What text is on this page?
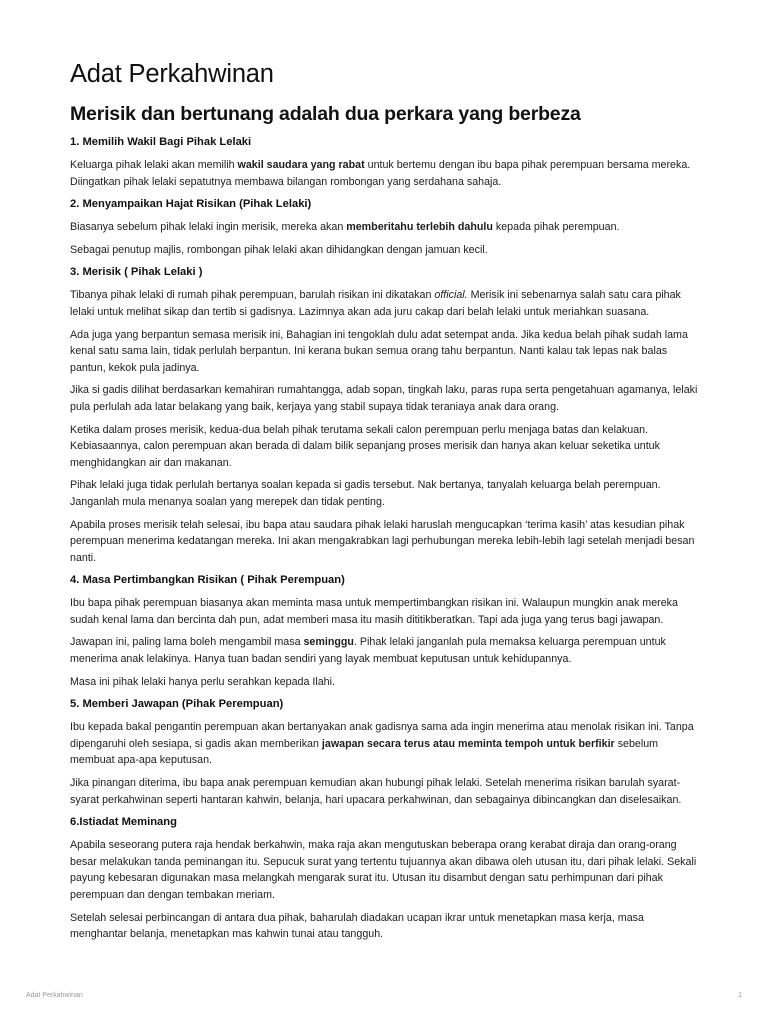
Adat Perkahwinan
Merisik dan bertunang adalah dua perkara yang berbeza
1. Memilih Wakil Bagi Pihak Lelaki

Keluarga pihak lelaki akan memilih wakil saudara yang rabat untuk bertemu dengan ibu bapa pihak perempuan bersama mereka. Diingatkan pihak lelaki sepatutnya membawa bilangan rombongan yang serdahana sahaja.

2. Menyampaikan Hajat Risikan (Pihak Lelaki)

Biasanya sebelum pihak lelaki ingin merisik, mereka akan memberitahu terlebih dahulu kepada pihak perempuan.

Sebagai penutup majlis, rombongan pihak lelaki akan dihidangkan dengan jamuan kecil.

3. Merisik ( Pihak Lelaki )

Tibanya pihak lelaki di rumah pihak perempuan, barulah risikan ini dikatakan official. Merisik ini sebenarnya salah satu cara pihak lelaki untuk melihat sikap dan tertib si gadisnya. Lazimnya akan ada juru cakap dari belah lelaki untuk meriahkan suasana.

Ada juga yang berpantun semasa merisik ini, Bahagian ini tengoklah dulu adat setempat anda. Jika kedua belah pihak sudah lama kenal satu sama lain, tidak perlulah berpantun. Ini kerana bukan semua orang tahu berpantun. Nanti kalau tak lepas nak balas pantun, kekok pula jadinya.

Jika si gadis dilihat berdasarkan kemahiran rumahtangga, adab sopan, tingkah laku, paras rupa serta pengetahuan agamanya, lelaki pula perlulah ada latar belakang yang baik, kerjaya yang stabil supaya tidak teraniaya anak dara orang.

Ketika dalam proses merisik, kedua-dua belah pihak terutama sekali calon perempuan perlu menjaga batas dan kelakuan. Kebiasaannya, calon perempuan akan berada di dalam bilik sepanjang proses merisik dan hanya akan keluar seketika untuk menghidangkan air dan makanan.

Pihak lelaki juga tidak perlulah bertanya soalan kepada si gadis tersebut. Nak bertanya, tanyalah keluarga belah perempuan. Janganlah mula menanya soalan yang merepek dan tidak penting.

Apabila proses merisik telah selesai, ibu bapa atau saudara pihak lelaki haruslah mengucapkan ‘terima kasih’ atas kesudian pihak perempuan menerima kedatangan mereka. Ini akan mengakrabkan lagi perhubungan mereka lebih-lebih lagi setelah menjadi besan nanti.

4. Masa Pertimbangkan Risikan ( Pihak Perempuan)

Ibu bapa pihak perempuan biasanya akan meminta masa untuk mempertimbangkan risikan ini. Walaupun mungkin anak mereka sudah kenal lama dan bercinta dah pun, adat memberi masa itu masih dititikberatkan. Tapi ada juga yang terus bagi jawapan.

Jawapan ini, paling lama boleh mengambil masa seminggu. Pihak lelaki janganlah pula memaksa keluarga perempuan untuk menerima anak lelakinya. Hanya tuan badan sendiri yang layak membuat keputusan untuk kehidupannya.

Masa ini pihak lelaki hanya perlu serahkan kepada Ilahi.

5. Memberi Jawapan (Pihak Perempuan)

Ibu kepada bakal pengantin perempuan akan bertanyakan anak gadisnya sama ada ingin menerima atau menolak risikan ini. Tanpa dipengaruhi oleh sesiapa, si gadis akan memberikan jawapan secara terus atau meminta tempoh untuk berfikir sebelum membuat apa-apa keputusan.

Jika pinangan diterima, ibu bapa anak perempuan kemudian akan hubungi pihak lelaki. Setelah menerima risikan barulah syarat-syarat perkahwinan seperti hantaran kahwin, belanja, hari upacara perkahwinan, dan sebagainya dibincangkan dan diselesaikan.

6.Istiadat Meminang

Apabila seseorang putera raja hendak berkahwin, maka raja akan mengutuskan beberapa orang kerabat diraja dan orang-orang besar melakukan tanda peminangan itu. Sepucuk surat yang tertentu tujuannya akan dibawa oleh utusan itu, dari pihak lelaki. Sekali payung kebesaran digunakan masa melangkah mengarak surat itu. Utusan itu disambut dengan satu perhimpunan dari pihak perempuan dan dengan tembakan meriam.

Setelah selesai perbincangan di antara dua pihak, baharulah diadakan ucapan ikrar untuk menetapkan masa kerja, masa menghantar belanja, menetapkan mas kahwin tunai atau tangguh.

Adat Perkahwinan	1
